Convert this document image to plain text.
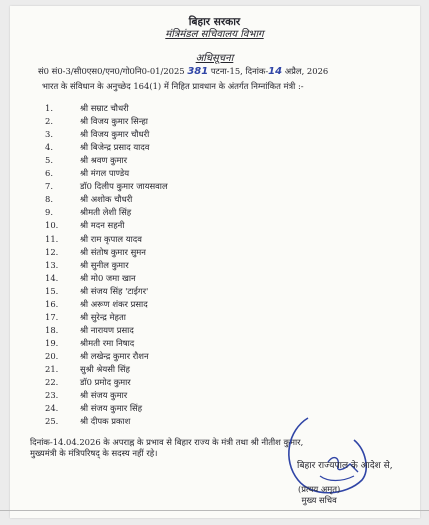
बिहार सरकार
मंत्रिमंडल सचिवालय विभाग
अधिसूचना
सं0 सं0-3/सी0एस0/एन0/गो0नि0-01/2025 381 पटना-15, दिनांक-14 अप्रैल, 2026
भारत के संविधान के अनुच्छेद 164(1) में निहित प्रावधान के अंतर्गत निम्नांकित मंत्री :-
1.	श्री सम्राट चौधरी
2.	श्री विजय कुमार सिन्हा
3.	श्री विजय कुमार चौधरी
4.	श्री बिजेन्द्र प्रसाद यादव
5.	श्री श्रवण कुमार
6.	श्री मंगल पाण्डेय
7.	डॉ0 दिलीप कुमार जायसवाल
8.	श्री अशोक चौधरी
9.	श्रीमती लेशी सिंह
10.	श्री मदन सहनी
11.	श्री राम कृपाल यादव
12.	श्री संतोष कुमार सुमन
13.	श्री सुनील कुमार
14.	श्री मो0 जमा खान
15.	श्री संजय सिंह 'टाईगर'
16.	श्री अरूण शंकर प्रसाद
17.	श्री सुरेन्द्र मेहता
18.	श्री नारायण प्रसाद
19.	श्रीमती रमा निषाद
20.	श्री लखेन्द्र कुमार रौशन
21.	सुश्री श्रेयसी सिंह
22.	डॉ0 प्रमोद कुमार
23.	श्री संजय कुमार
24.	श्री संजय कुमार सिंह
25.	श्री दीपक प्रकाश
दिनांक-14.04.2026 के अपराह्न के प्रभाव से बिहार राज्य के मंत्री तथा श्री नीतीश कुमार,
मुख्यमंत्री के मंत्रिपरिषद् के सदस्य नहीं रहे।
बिहार राज्यपाल के आदेश से,
(प्रत्यय अमृत)
मुख्य सचिव
